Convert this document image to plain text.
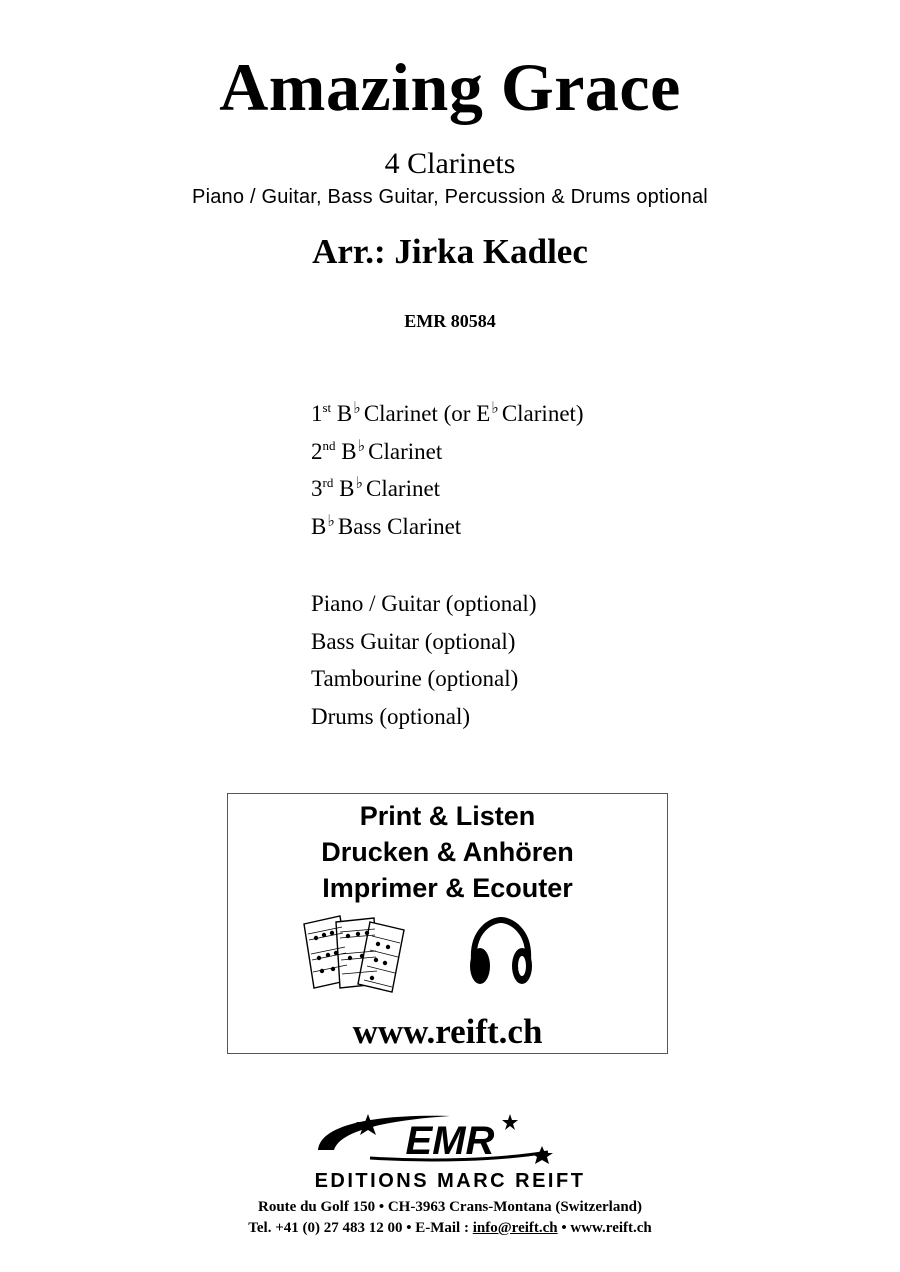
Amazing Grace
4 Clarinets
Piano / Guitar, Bass Guitar, Percussion & Drums optional
Arr.: Jirka Kadlec
EMR 80584
1st B♭ Clarinet (or E♭ Clarinet)
2nd B♭ Clarinet
3rd B♭ Clarinet
B♭ Bass Clarinet
Piano / Guitar (optional)
Bass Guitar (optional)
Tambourine (optional)
Drums (optional)
Print & Listen
Drucken & Anhören
Imprimer & Ecouter
www.reift.ch
EMR
EDITIONS MARC REIFT
Route du Golf 150 • CH-3963 Crans-Montana (Switzerland)
Tel. +41 (0) 27 483 12 00 • E-Mail : info@reift.ch • www.reift.ch
